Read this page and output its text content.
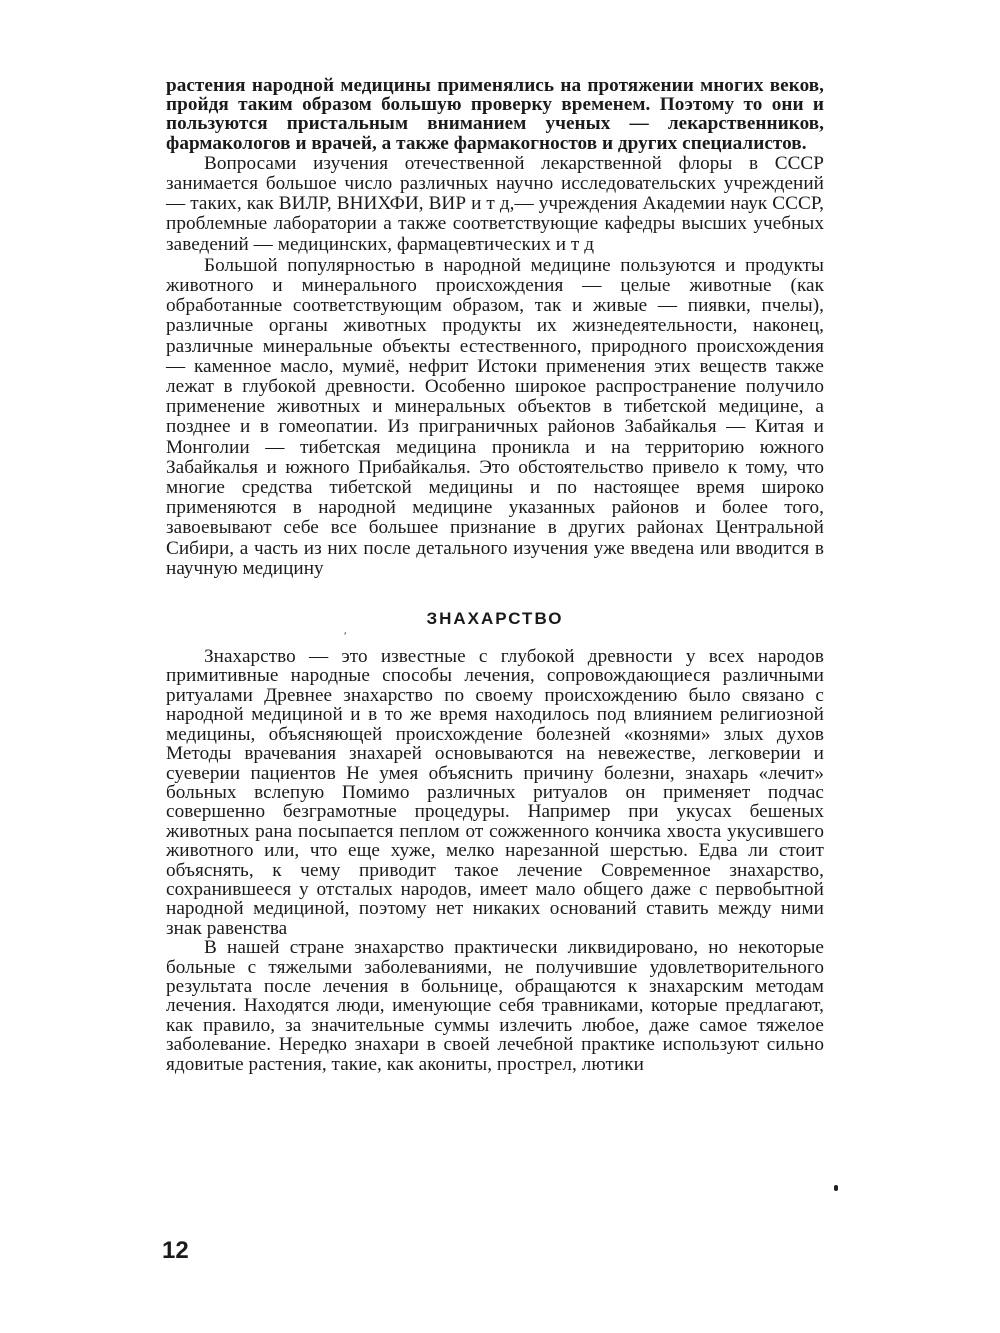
растения народной медицины применялись на протяжении многих веков, пройдя таким образом большую проверку временем. Поэтому то они и пользуются пристальным вниманием ученых — лекарственников, фармакологов и врачей, а также фармакогностов и других специалистов.

Вопросами изучения отечественной лекарственной флоры в СССР занимается большое число различных научно исследовательских учреждений — таких, как ВИЛР, ВНИХФИ, ВИР и т д,— учреждения Академии наук СССР, проблемные лаборатории а также соответствующие кафедры высших учебных заведений — медицинских, фармацевтических и т д

Большой популярностью в народной медицине пользуются и продукты животного и минерального происхождения — целые животные (как обработанные соответствующим образом, так и живые — пиявки, пчелы), различные органы животных продукты их жизнедеятельности, наконец, различные минеральные объекты естественного, природного происхождения — каменное масло, мумиё, нефрит Истоки применения этих веществ также лежат в глубокой древности. Особенно широкое распространение получило применение животных и минеральных объектов в тибетской медицине, а позднее и в гомеопатии. Из приграничных районов Забайкалья — Китая и Монголии — тибетская медицина проникла и на территорию южного Забайкалья и южного Прибайкалья. Это обстоятельство привело к тому, что многие средства тибетской медицины и по настоящее время широко применяются в народной медицине указанных районов и более того, завоевывают себе все большее признание в других районах Центральной Сибири, а часть из них после детального изучения уже введена или вводится в научную медицину

ЗНАХАРСТВО
ʹ

Знахарство — это известные с глубокой древности у всех народов примитивные народные способы лечения, сопровождающиеся различными ритуалами Древнее знахарство по своему происхождению было связано с народной медициной и в то же время находилось под влиянием религиозной медицины, объясняющей происхождение болезней «кознями» злых духов Методы врачевания знахарей основываются на невежестве, легковерии и суеверии пациентов Не умея объяснить причину болезни, знахарь «лечит» больных вслепую Помимо различных ритуалов он применяет подчас совершенно безграмотные процедуры. Например при укусах бешеных животных рана посыпается пеплом от сожженного кончика хвоста укусившего животного или, что еще хуже, мелко нарезанной шерстью. Едва ли стоит объяснять, к чему приводит такое лечение Современное знахарство, сохранившееся у отсталых народов, имеет мало общего даже с первобытной народной медициной, поэтому нет никаких оснований ставить между ними знак равенства

В нашей стране знахарство практически ликвидировано, но некоторые больные с тяжелыми заболеваниями, не получившие удовлетворительного результата после лечения в больнице, обращаются к знахарским методам лечения. Находятся люди, именующие себя травниками, которые предлагают, как правило, за значительные суммы излечить любое, даже самое тяжелое заболевание. Нередко знахари в своей лечебной практике используют сильно ядовитые растения, такие, как акониты, прострел, лютики

12
